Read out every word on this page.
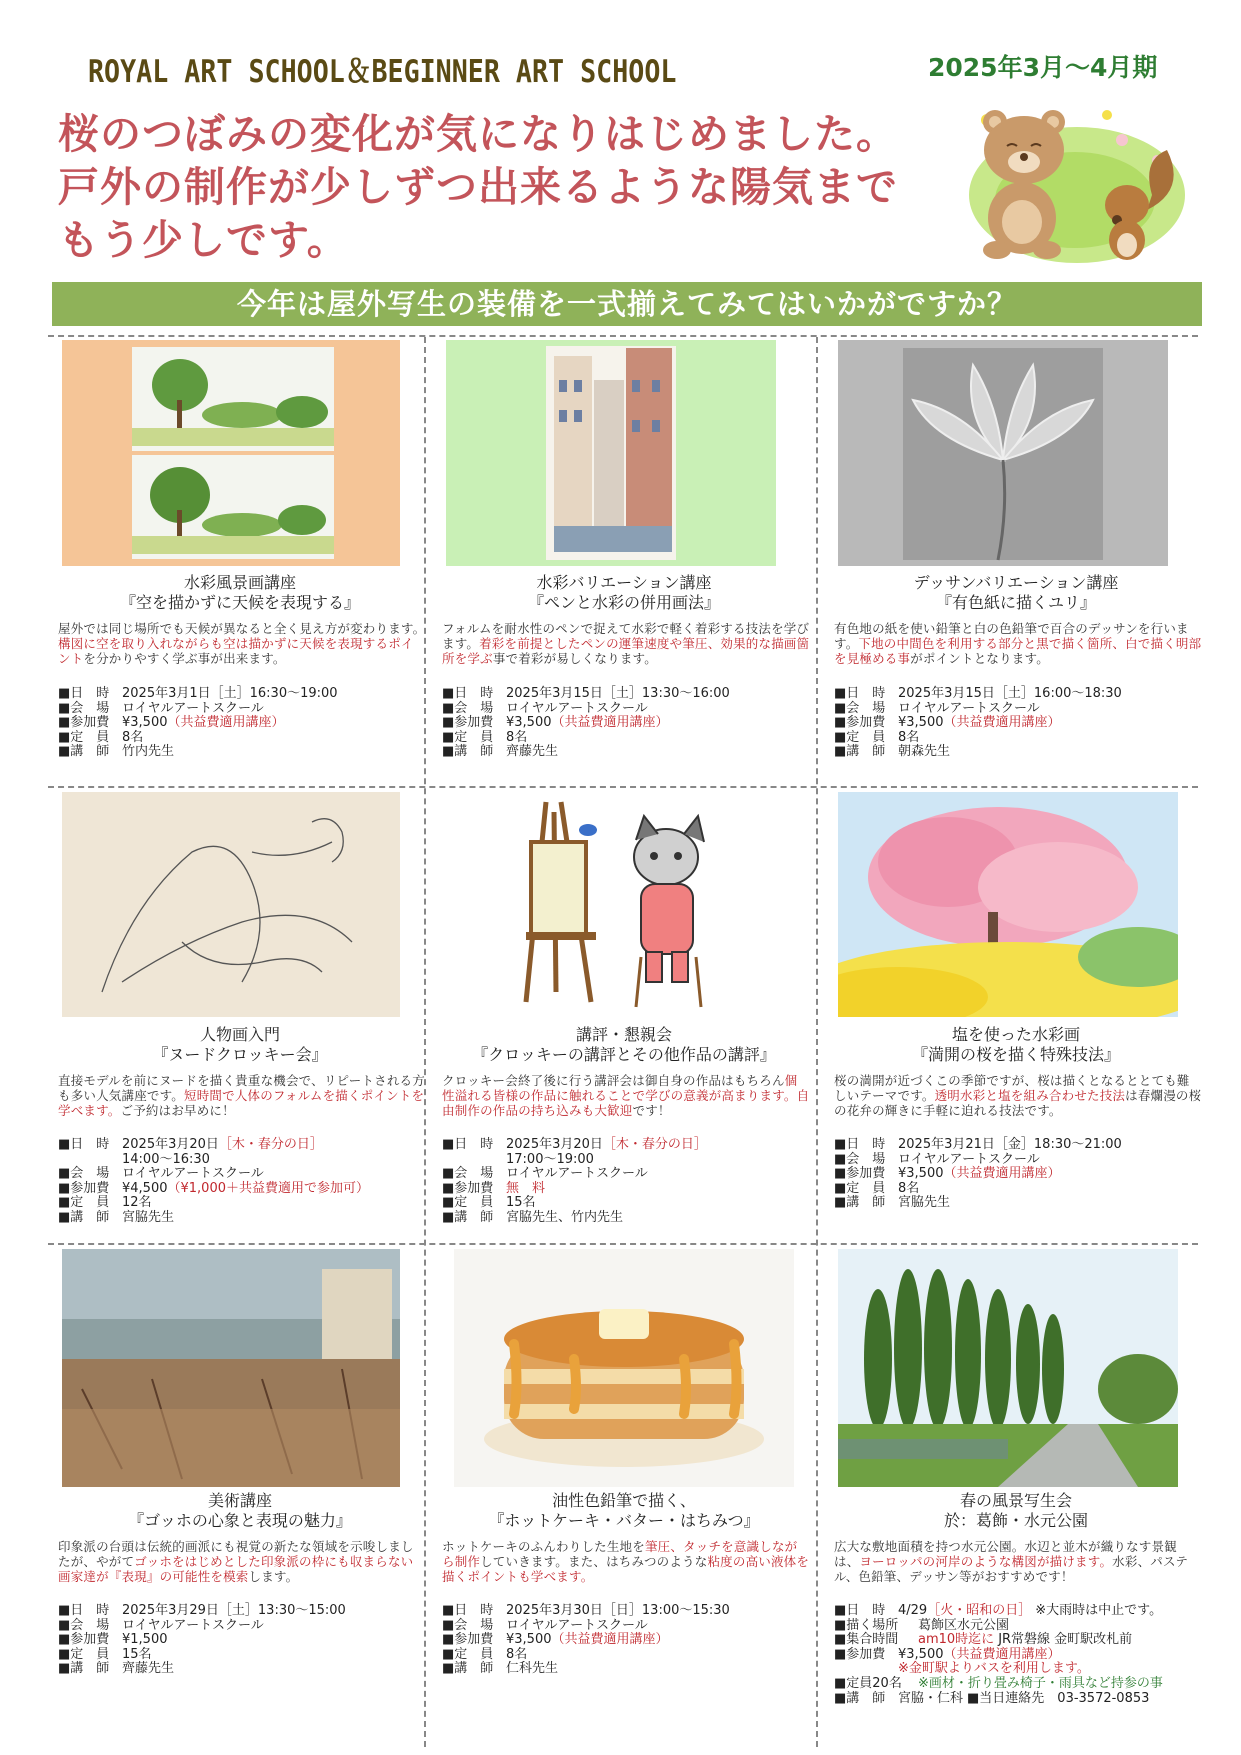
ROYAL ART SCHOOL＆BEGINNER ART SCHOOL	2025年3月～4月期
桜のつぼみの変化が気になりはじめました。
戸外の制作が少しずつ出来るような陽気まで
もう少しです。
今年は屋外写生の装備を一式揃えてみてはいかがですか？
水彩風景画講座
『空を描かずに天候を表現する』
屋外では同じ場所でも天候が異なると全く見え方が変わります。構図に空を取り入れながらも空は描かずに天候を表現するポイントを分かりやすく学ぶ事が出来ます。
■日　時 2025年3月1日［土］16:30～19:00
■会　場 ロイヤルアートスクール
■参加費 ¥3,500（共益費適用講座）
■定　員 8名
■講　師 竹内先生
水彩バリエーション講座
『ペンと水彩の併用画法』
フォルムを耐水性のペンで捉えて水彩で軽く着彩する技法を学びます。着彩を前提としたペンの運筆速度や筆圧、効果的な描画箇所を学ぶ事で着彩が易しくなります。
■日　時 2025年3月15日［土］13:30～16:00
■会　場 ロイヤルアートスクール
■参加費 ¥3,500（共益費適用講座）
■定　員 8名
■講　師 齊藤先生
デッサンバリエーション講座
『有色紙に描くユリ』
有色地の紙を使い鉛筆と白の色鉛筆で百合のデッサンを行います。下地の中間色を利用する部分と黒で描く箇所、白で描く明部を見極める事がポイントとなります。
■日　時 2025年3月15日［土］16:00～18:30
■会　場 ロイヤルアートスクール
■参加費 ¥3,500（共益費適用講座）
■定　員 8名
■講　師 朝森先生
人物画入門
『ヌードクロッキー会』
直接モデルを前にヌードを描く貴重な機会で、リピートされる方も多い人気講座です。短時間で人体のフォルムを描くポイントを学べます。ご予約はお早めに！
■日　時 2025年3月20日［木・春分の日］
14:00～16:30
■会　場 ロイヤルアートスクール
■参加費 ¥4,500（¥1,000＋共益費適用で参加可）
■定　員 12名
■講　師 宮脇先生
講評・懇親会
『クロッキーの講評とその他作品の講評』
クロッキー会終了後に行う講評会は御自身の作品はもちろん個性溢れる皆様の作品に触れることで学びの意義が高まります。自由制作の作品の持ち込みも大歓迎です！
■日　時 2025年3月20日［木・春分の日］
17:00～19:00
■会　場 ロイヤルアートスクール
■参加費 無　料
■定　員 15名
■講　師 宮脇先生、竹内先生
塩を使った水彩画
『満開の桜を描く特殊技法』
桜の満開が近づくこの季節ですが、桜は描くとなるととても難しいテーマです。透明水彩と塩を組み合わせた技法は春爛漫の桜の花弁の輝きに手軽に迫れる技法です。
■日　時 2025年3月21日［金］18:30～21:00
■会　場 ロイヤルアートスクール
■参加費 ¥3,500（共益費適用講座）
■定　員 8名
■講　師 宮脇先生
美術講座
『ゴッホの心象と表現の魅力』
印象派の台頭は伝統的画派にも視覚の新たな領域を示唆しましたが、やがてゴッホをはじめとした印象派の枠にも収まらない画家達が『表現』の可能性を模索します。
■日　時 2025年3月29日［土］13:30～15:00
■会　場 ロイヤルアートスクール
■参加費 ¥1,500
■定　員 15名
■講　師 齊藤先生
油性色鉛筆で描く、
『ホットケーキ・バター・はちみつ』
ホットケーキのふんわりした生地を筆圧、タッチを意識しながら制作していきます。また、はちみつのような粘度の高い液体を描くポイントも学べます。
■日　時 2025年3月30日［日］13:00～15:30
■会　場 ロイヤルアートスクール
■参加費 ¥3,500（共益費適用講座）
■定　員 8名
■講　師 仁科先生
春の風景写生会
於：葛飾・水元公園
広大な敷地面積を持つ水元公園。水辺と並木が織りなす景観は、ヨーロッパの河岸のような構図が描けます。水彩、パステル、色鉛筆、デッサン等がおすすめです！
■日　時 4/29［火・昭和の日］ ※大雨時は中止です。
■描く場所 葛飾区水元公園
■集合時間 am10時迄に JR常磐線 金町駅改札前
■参加費 ¥3,500（共益費適用講座）
※金町駅よりバスを利用します。
■定員20名 ※画材・折り畳み椅子・雨具など持参の事
■講　師 宮脇・仁科 ■当日連絡先　03-3572-0853
